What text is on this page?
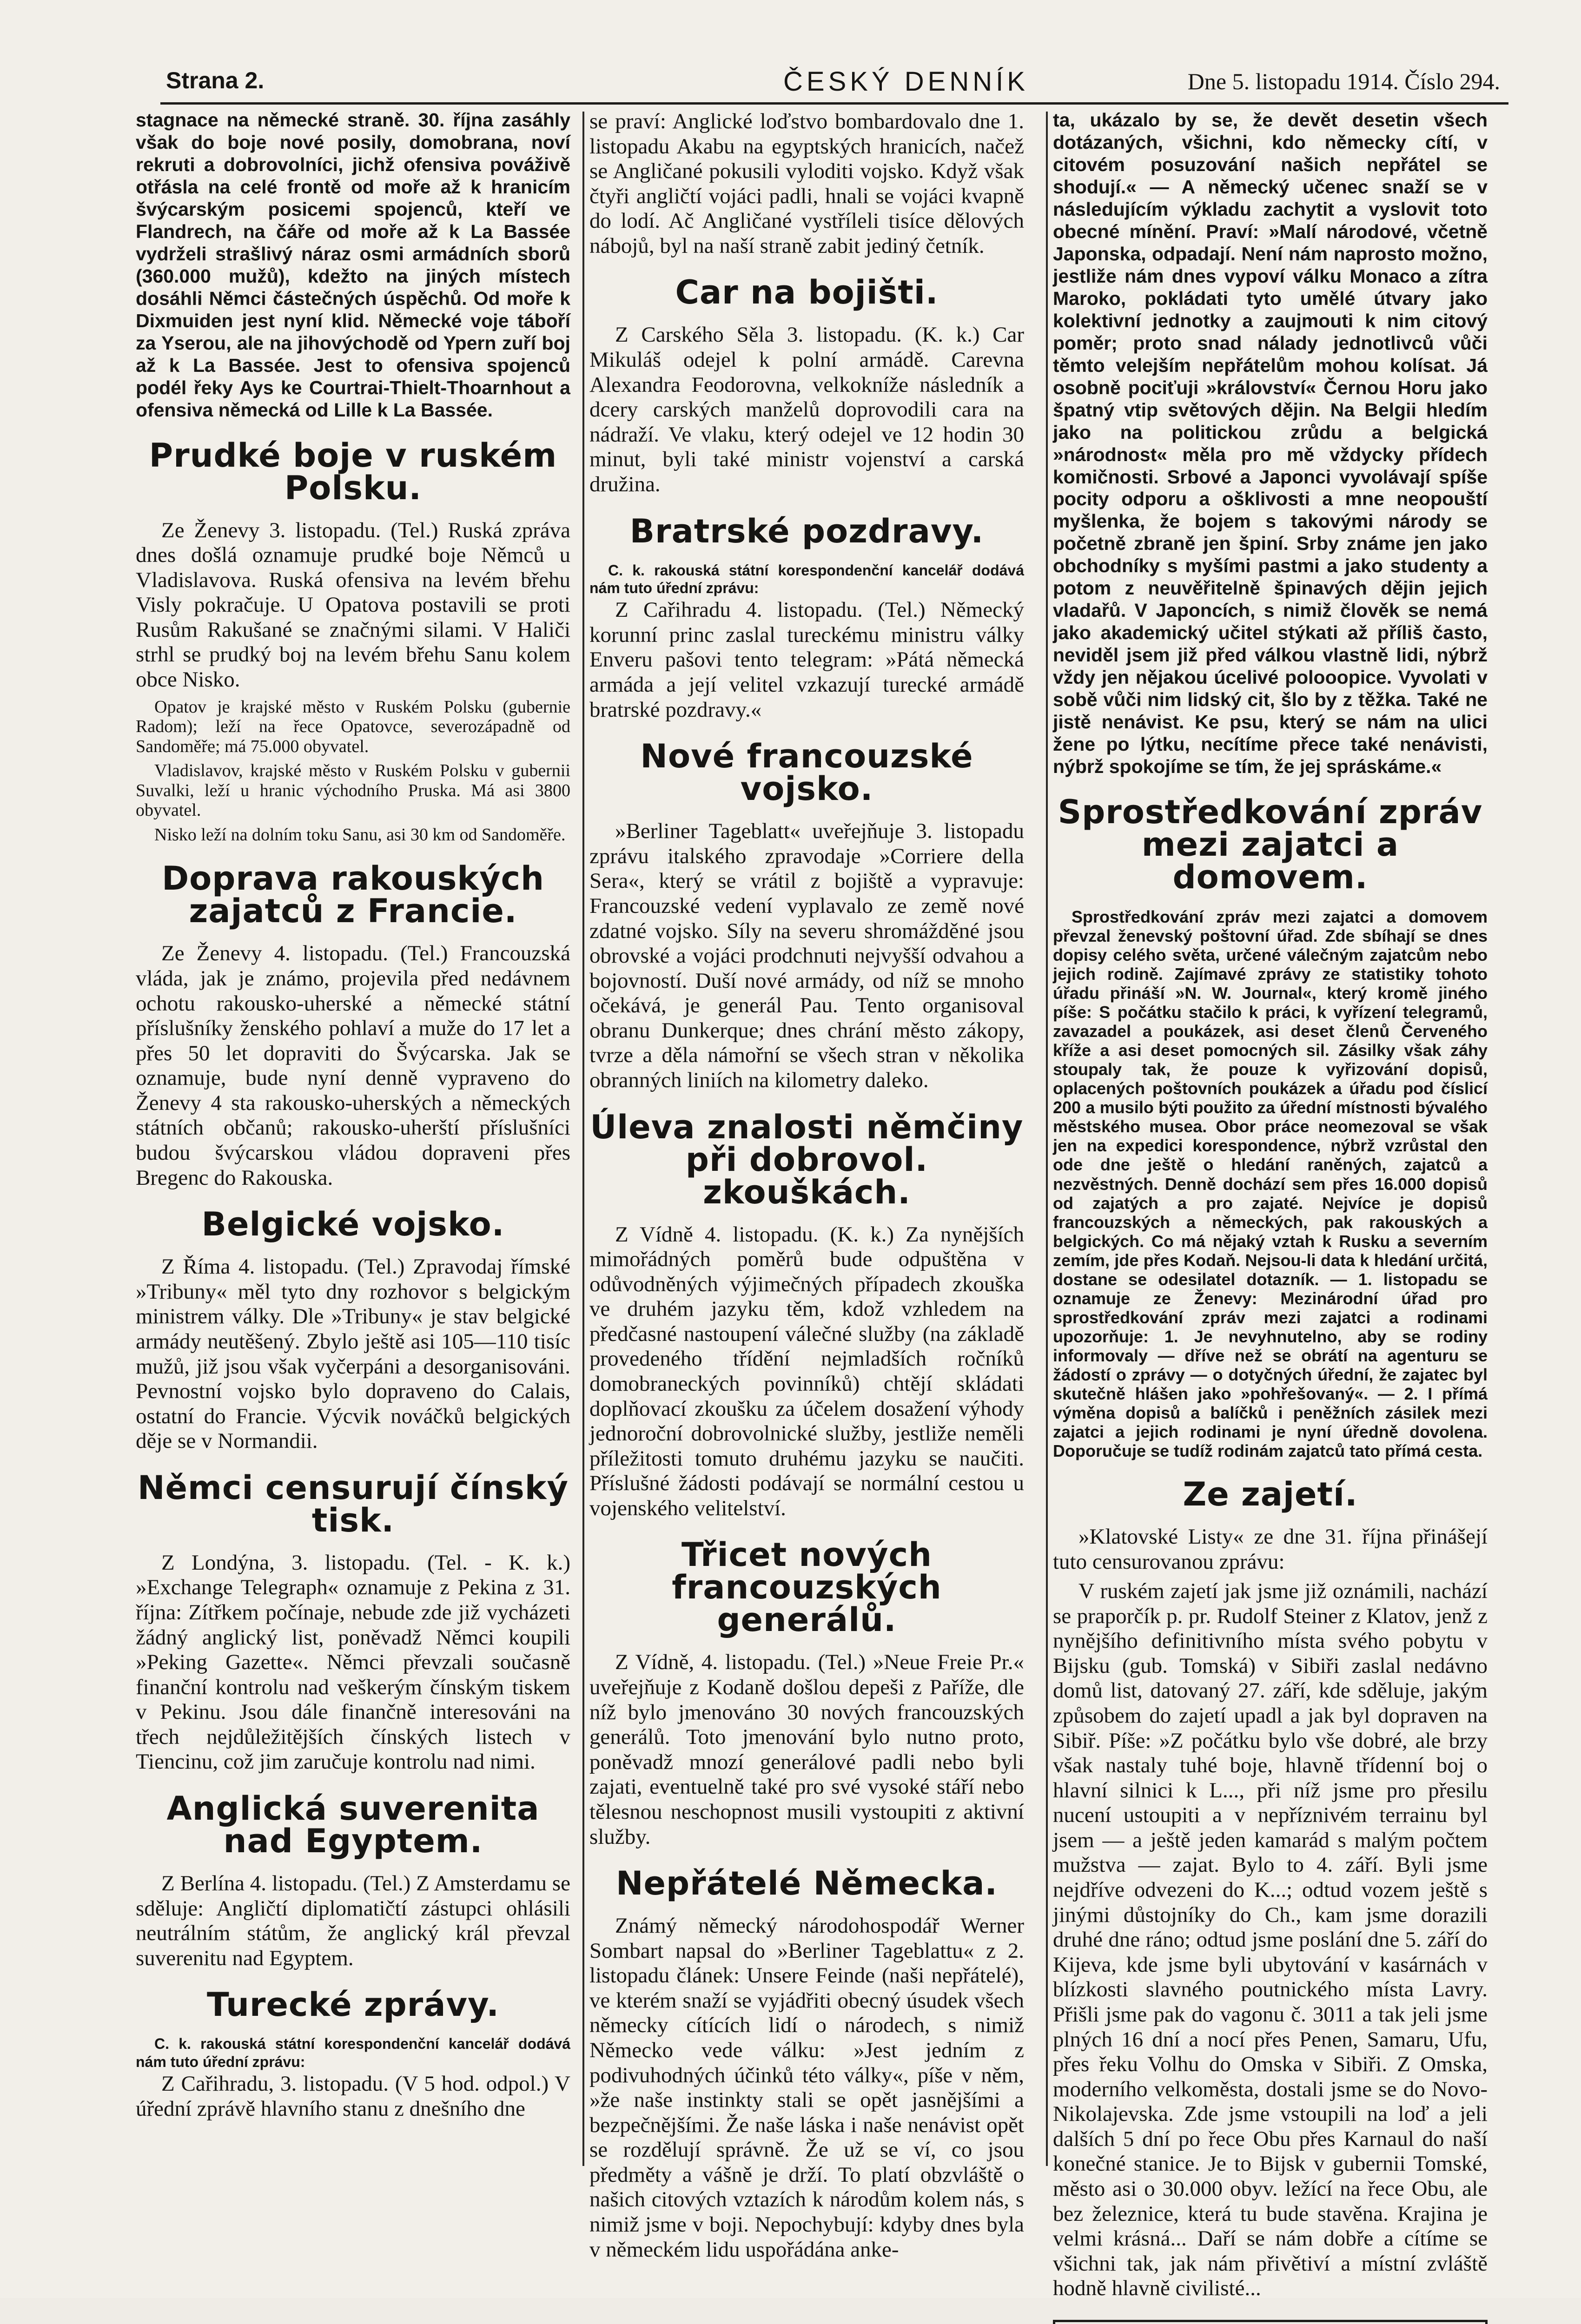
Strana 2.	ČESKÝ DENNÍK	Dne 5. listopadu 1914. Číslo 294.

stagnace na německé straně. 30. října zasáhly však do boje nové posily, domobrana, noví rekruti a dobrovolníci, jichž ofensiva pováživě otřásla na celé frontě od moře až k hranicím švýcarským posicemi spojenců, kteří ve Flandrech, na čáře od moře až k La Bassée vydrželi strašlivý náraz osmi armádních sborů (360.000 mužů), kdežto na jiných místech dosáhli Němci částečných úspěchů. Od moře k Dixmuiden jest nyní klid. Německé voje táboří za Yserou, ale na jihovýchodě od Ypern zuří boj až k La Bassée. Jest to ofensiva spojenců podél řeky Ays ke Courtrai-Thielt-Thoarnhout a ofensiva německá od Lille k La Bassée.

Prudké boje v ruském Polsku.

Ze Ženevy 3. listopadu. (Tel.) Ruská zpráva dnes došlá oznamuje prudké boje Němců u Vladislavova. Ruská ofensiva na levém břehu Visly pokračuje. U Opatova postavili se proti Rusům Rakušané se značnými silami. V Haliči strhl se prudký boj na levém břehu Sanu kolem obce Nisko.

Opatov je krajské město v Ruském Polsku (gubernie Radom); leží na řece Opatovce, severozápadně od Sandoměře; má 75.000 obyvatel.

Vladislavov, krajské město v Ruském Polsku v gubernii Suvalki, leží u hranic východního Pruska. Má asi 3800 obyvatel.

Nisko leží na dolním toku Sanu, asi 30 km od Sandoměře.

Doprava rakouských zajatců z Francie.

Ze Ženevy 4. listopadu. (Tel.) Francouzská vláda, jak je známo, projevila před nedávnem ochotu rakousko-uherské a německé státní příslušníky ženského pohlaví a muže do 17 let a přes 50 let dopraviti do Švýcarska. Jak se oznamuje, bude nyní denně vypraveno do Ženevy 4 sta rakousko-uherských a německých státních občanů; rakousko-uherští příslušníci budou švýcarskou vládou dopraveni přes Bregenc do Rakouska.

Belgické vojsko.

Z Říma 4. listopadu. (Tel.) Zpravodaj římské »Tribuny« měl tyto dny rozhovor s belgickým ministrem války. Dle »Tribuny« je stav belgické armády neutěšený. Zbylo ještě asi 105—110 tisíc mužů, již jsou však vyčerpáni a desorganisováni. Pevnostní vojsko bylo dopraveno do Calais, ostatní do Francie. Výcvik nováčků belgických děje se v Normandii.

Němci censurují čínský tisk.

Z Londýna, 3. listopadu. (Tel. - K. k.) »Exchange Telegraph« oznamuje z Pekina z 31. října: Zítřkem počínaje, nebude zde již vycházeti žádný anglický list, poněvadž Němci koupili »Peking Gazette«. Němci převzali současně finanční kontrolu nad veškerým čínským tiskem v Pekinu. Jsou dále finančně interesováni na třech nejdůležitějších čínských listech v Tiencinu, což jim zaručuje kontrolu nad nimi.

Anglická suverenita nad Egyptem.

Z Berlína 4. listopadu. (Tel.) Z Amsterdamu se sděluje: Angličtí diplomatičtí zástupci ohlásili neutrálním státům, že anglický král převzal suverenitu nad Egyptem.

Turecké zprávy.

C. k. rakouská státní korespondenční kancelář dodává nám tuto úřední zprávu:

Z Cařihradu, 3. listopadu. (V 5 hod. odpol.) V úřední zprávě hlavního stanu z dnešního dne

se praví: Anglické loďstvo bombardovalo dne 1. listopadu Akabu na egyptských hranicích, načež se Angličané pokusili vyloditi vojsko. Když však čtyři angličtí vojáci padli, hnali se vojáci kvapně do lodí. Ač Angličané vystříleli tisíce dělových nábojů, byl na naší straně zabit jediný četník.

Car na bojišti.

Z Carského Sěla 3. listopadu. (K. k.) Car Mikuláš odejel k polní armádě. Carevna Alexandra Feodorovna, velkokníže následník a dcery carských manželů doprovodili cara na nádraží. Ve vlaku, který odejel ve 12 hodin 30 minut, byli také ministr vojenství a carská družina.

Bratrské pozdravy.

C. k. rakouská státní korespondenční kancelář dodává nám tuto úřední zprávu:

Z Cařihradu 4. listopadu. (Tel.) Německý korunní princ zaslal tureckému ministru války Enveru pašovi tento telegram: »Pátá německá armáda a její velitel vzkazují turecké armádě bratrské pozdravy.«

Nové francouzské vojsko.

»Berliner Tageblatt« uveřejňuje 3. listopadu zprávu italského zpravodaje »Corriere della Sera«, který se vrátil z bojiště a vypravuje: Francouzské vedení vyplavalo ze země nové zdatné vojsko. Síly na severu shromážděné jsou obrovské a vojáci prodchnuti nejvyšší odvahou a bojovností. Duší nové armády, od níž se mnoho očekává, je generál Pau. Tento organisoval obranu Dunkerque; dnes chrání město zákopy, tvrze a děla námořní se všech stran v několika obranných liniích na kilometry daleko.

Úleva znalosti němčiny při dobrovol. zkouškách.

Z Vídně 4. listopadu. (K. k.) Za nynějších mimořádných poměrů bude odpuštěna v odůvodněných výjimečných případech zkouška ve druhém jazyku těm, kdož vzhledem na předčasné nastoupení válečné služby (na základě provedeného třídění nejmladších ročníků domobraneckých povinníků) chtějí skládati doplňovací zkoušku za účelem dosažení výhody jednoroční dobrovolnické služby, jestliže neměli příležitosti tomuto druhému jazyku se naučiti. Příslušné žádosti podávají se normální cestou u vojenského velitelství.

Třicet nových francouzských generálů.

Z Vídně, 4. listopadu. (Tel.) »Neue Freie Pr.« uveřejňuje z Kodaně došlou depeši z Paříže, dle níž bylo jmenováno 30 nových francouzských generálů. Toto jmenování bylo nutno proto, poněvadž mnozí generálové padli nebo byli zajati, eventuelně také pro své vysoké stáří nebo tělesnou neschopnost musili vystoupiti z aktivní služby.

Nepřátelé Německa.

Známý německý národohospodář Werner Sombart napsal do »Berliner Tageblattu« z 2. listopadu článek: Unsere Feinde (naši nepřátelé), ve kterém snaží se vyjádřiti obecný úsudek všech německy cítících lidí o národech, s nimiž Německo vede válku: »Jest jedním z podivuhodných účinků této války«, píše v něm, »že naše instinkty stali se opět jasnějšími a bezpečnějšími. Že naše láska i naše nenávist opět se rozdělují správně. Že už se ví, co jsou předměty a vášně je drží. To platí obzvláště o našich citových vztazích k národům kolem nás, s nimiž jsme v boji. Nepochybují: kdyby dnes byla v německém lidu uspořádána anke-

ta, ukázalo by se, že devět desetin všech dotázaných, všichni, kdo německy cítí, v citovém posuzování našich nepřátel se shodují.« — A německý učenec snaží se v následujícím výkladu zachytit a vyslovit toto obecné mínění. Praví: »Malí národové, včetně Japonska, odpadají. Není nám naprosto možno, jestliže nám dnes vypoví válku Monaco a zítra Maroko, pokládati tyto umělé útvary jako kolektivní jednotky a zaujmouti k nim citový poměr; proto snad nálady jednotlivců vůči těmto velejším nepřátelům mohou kolísat. Já osobně pociťuji »království« Černou Horu jako špatný vtip světových dějin. Na Belgii hledím jako na politickou zrůdu a belgická »národnost« měla pro mě vždycky přídech komičnosti. Srbové a Japonci vyvolávají spíše pocity odporu a ošklivosti a mne neopouští myšlenka, že bojem s takovými národy se početně zbraně jen špiní. Srby známe jen jako obchodníky s myšími pastmi a jako studenty a potom z neuvěřitelně špinavých dějin jejich vladařů. V Japoncích, s nimiž člověk se nemá jako akademický učitel stýkati až příliš často, neviděl jsem již před válkou vlastně lidi, nýbrž vždy jen nějakou úcelivé polooopice. Vyvolati v sobě vůči nim lidský cit, šlo by z těžka. Také ne jistě nenávist. Ke psu, který se nám na ulici žene po lýtku, necítíme přece také nenávisti, nýbrž spokojíme se tím, že jej spráskáme.«

Sprostředkování zpráv mezi zajatci a domovem.

Sprostředkování zpráv mezi zajatci a domovem převzal ženevský poštovní úřad. Zde sbíhají se dnes dopisy celého světa, určené válečným zajatcům nebo jejich rodině. Zajímavé zprávy ze statistiky tohoto úřadu přináší »N. W. Journal«, který kromě jiného píše: S počátku stačilo k práci, k vyřízení telegramů, zavazadel a poukázek, asi deset členů Červeného kříže a asi deset pomocných sil. Zásilky však záhy stoupaly tak, že pouze k vyřizování dopisů, oplacených poštovních poukázek a úřadu pod číslicí 200 a musilo býti použito za úřední místnosti bývalého městského musea. Obor práce neomezoval se však jen na expedici korespondence, nýbrž vzrůstal den ode dne ještě o hledání raněných, zajatců a nezvěstných. Denně dochází sem přes 16.000 dopisů od zajatých a pro zajaté. Nejvíce je dopisů francouzských a německých, pak rakouských a belgických. Co má nějaký vztah k Rusku a severním zemím, jde přes Kodaň. Nejsou-li data k hledání určitá, dostane se odesilatel dotazník. — 1. listopadu se oznamuje ze Ženevy: Mezinárodní úřad pro sprostředkování zpráv mezi zajatci a rodinami upozorňuje: 1. Je nevyhnutelno, aby se rodiny informovaly — dříve než se obrátí na agenturu se žádostí o zprávy — o dotyčných úřední, že zajatec byl skutečně hlášen jako »pohřešovaný«. — 2. I přímá výměna dopisů a balíčků i peněžních zásilek mezi zajatci a jejich rodinami je nyní úředně dovolena. Doporučuje se tudíž rodinám zajatců tato přímá cesta.

Ze zajetí.

»Klatovské Listy« ze dne 31. října přinášejí tuto censurovanou zprávu:

V ruském zajetí jak jsme již oznámili, nachází se praporčík p. pr. Rudolf Steiner z Klatov, jenž z nynějšího definitivního místa svého pobytu v Bijsku (gub. Tomská) v Sibiři zaslal nedávno domů list, datovaný 27. září, kde sděluje, jakým způsobem do zajetí upadl a jak byl dopraven na Sibiř. Píše: »Z počátku bylo vše dobré, ale brzy však nastaly tuhé boje, hlavně třídenní boj o hlavní silnici k L..., při níž jsme pro přesilu nucení ustoupiti a v nepříznivém terrainu byl jsem — a ještě jeden kamarád s malým počtem mužstva — zajat. Bylo to 4. září. Byli jsme nejdříve odvezeni do K...; odtud vozem ještě s jinými důstojníky do Ch., kam jsme dorazili druhé dne ráno; odtud jsme poslání dne 5. září do Kijeva, kde jsme byli ubytování v kasárnách v blízkosti slavného poutnického místa Lavry. Přišli jsme pak do vagonu č. 3011 a tak jeli jsme plných 16 dní a nocí přes Penen, Samaru, Ufu, přes řeku Volhu do Omska v Sibiři. Z Omska, moderního velkoměsta, dostali jsme se do Novo-Nikolajevska. Zde jsme vstoupili na loď a jeli dalších 5 dní po řece Obu přes Karnaul do naší konečné stanice. Je to Bijsk v gubernii Tomské, město asi o 30.000 obyv. ležící na řece Obu, ale bez železnice, která tu bude stavěna. Krajina je velmi krásná... Daří se nám dobře a cítíme se všichni tak, jak nám přivětiví a místní zvláště hodně hlavně civilisté...
